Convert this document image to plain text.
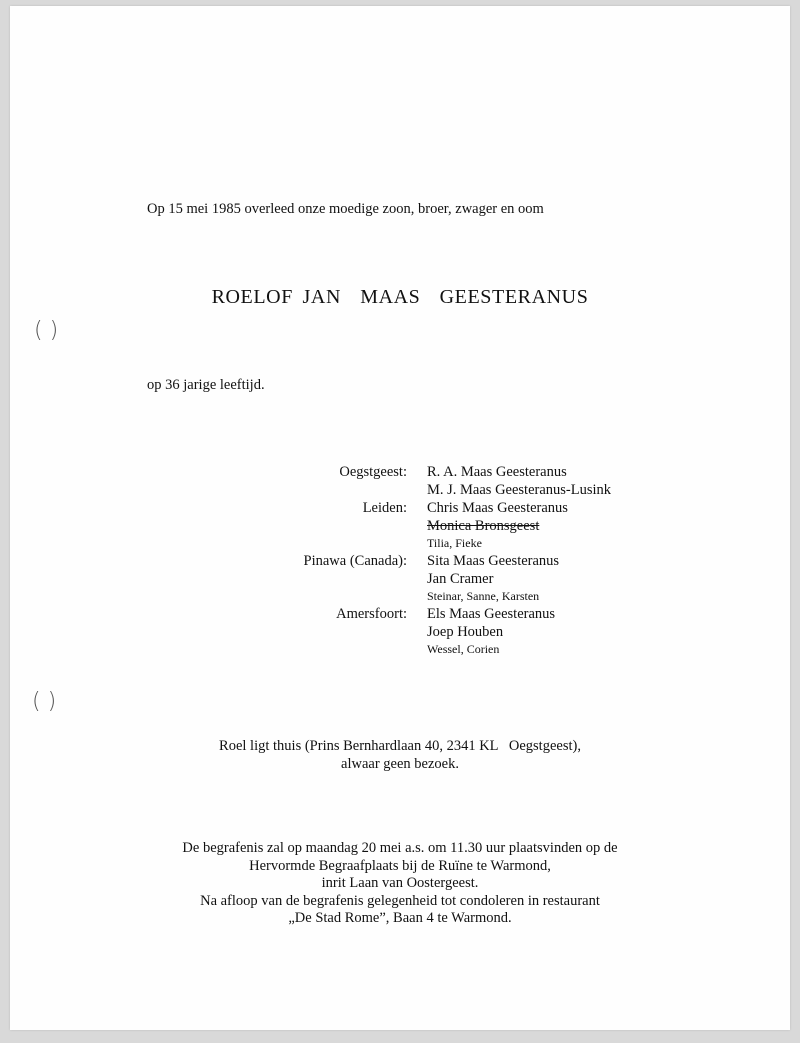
( )
( )
Op 15 mei 1985 overleed onze moedige zoon, broer, zwager en oom
ROELOF JAN  MAAS  GEESTERANUS
op 36 jarige leeftijd.
Oegstgeest: R. A. Maas Geesteranus
M. J. Maas Geesteranus-Lusink
Leiden: Chris Maas Geesteranus
Monica Bronsgeest
Tilia, Fieke
Pinawa (Canada): Sita Maas Geesteranus
Jan Cramer
Steinar, Sanne, Karsten
Amersfoort: Els Maas Geesteranus
Joep Houben
Wessel, Corien
Roel ligt thuis (Prins Bernhardlaan 40, 2341 KL   Oegstgeest),
alwaar geen bezoek.
De begrafenis zal op maandag 20 mei a.s. om 11.30 uur plaatsvinden op de
Hervormde Begraafplaats bij de Ruïne te Warmond,
inrit Laan van Oostergeest.
Na afloop van de begrafenis gelegenheid tot condoleren in restaurant
„De Stad Rome”, Baan 4 te Warmond.
